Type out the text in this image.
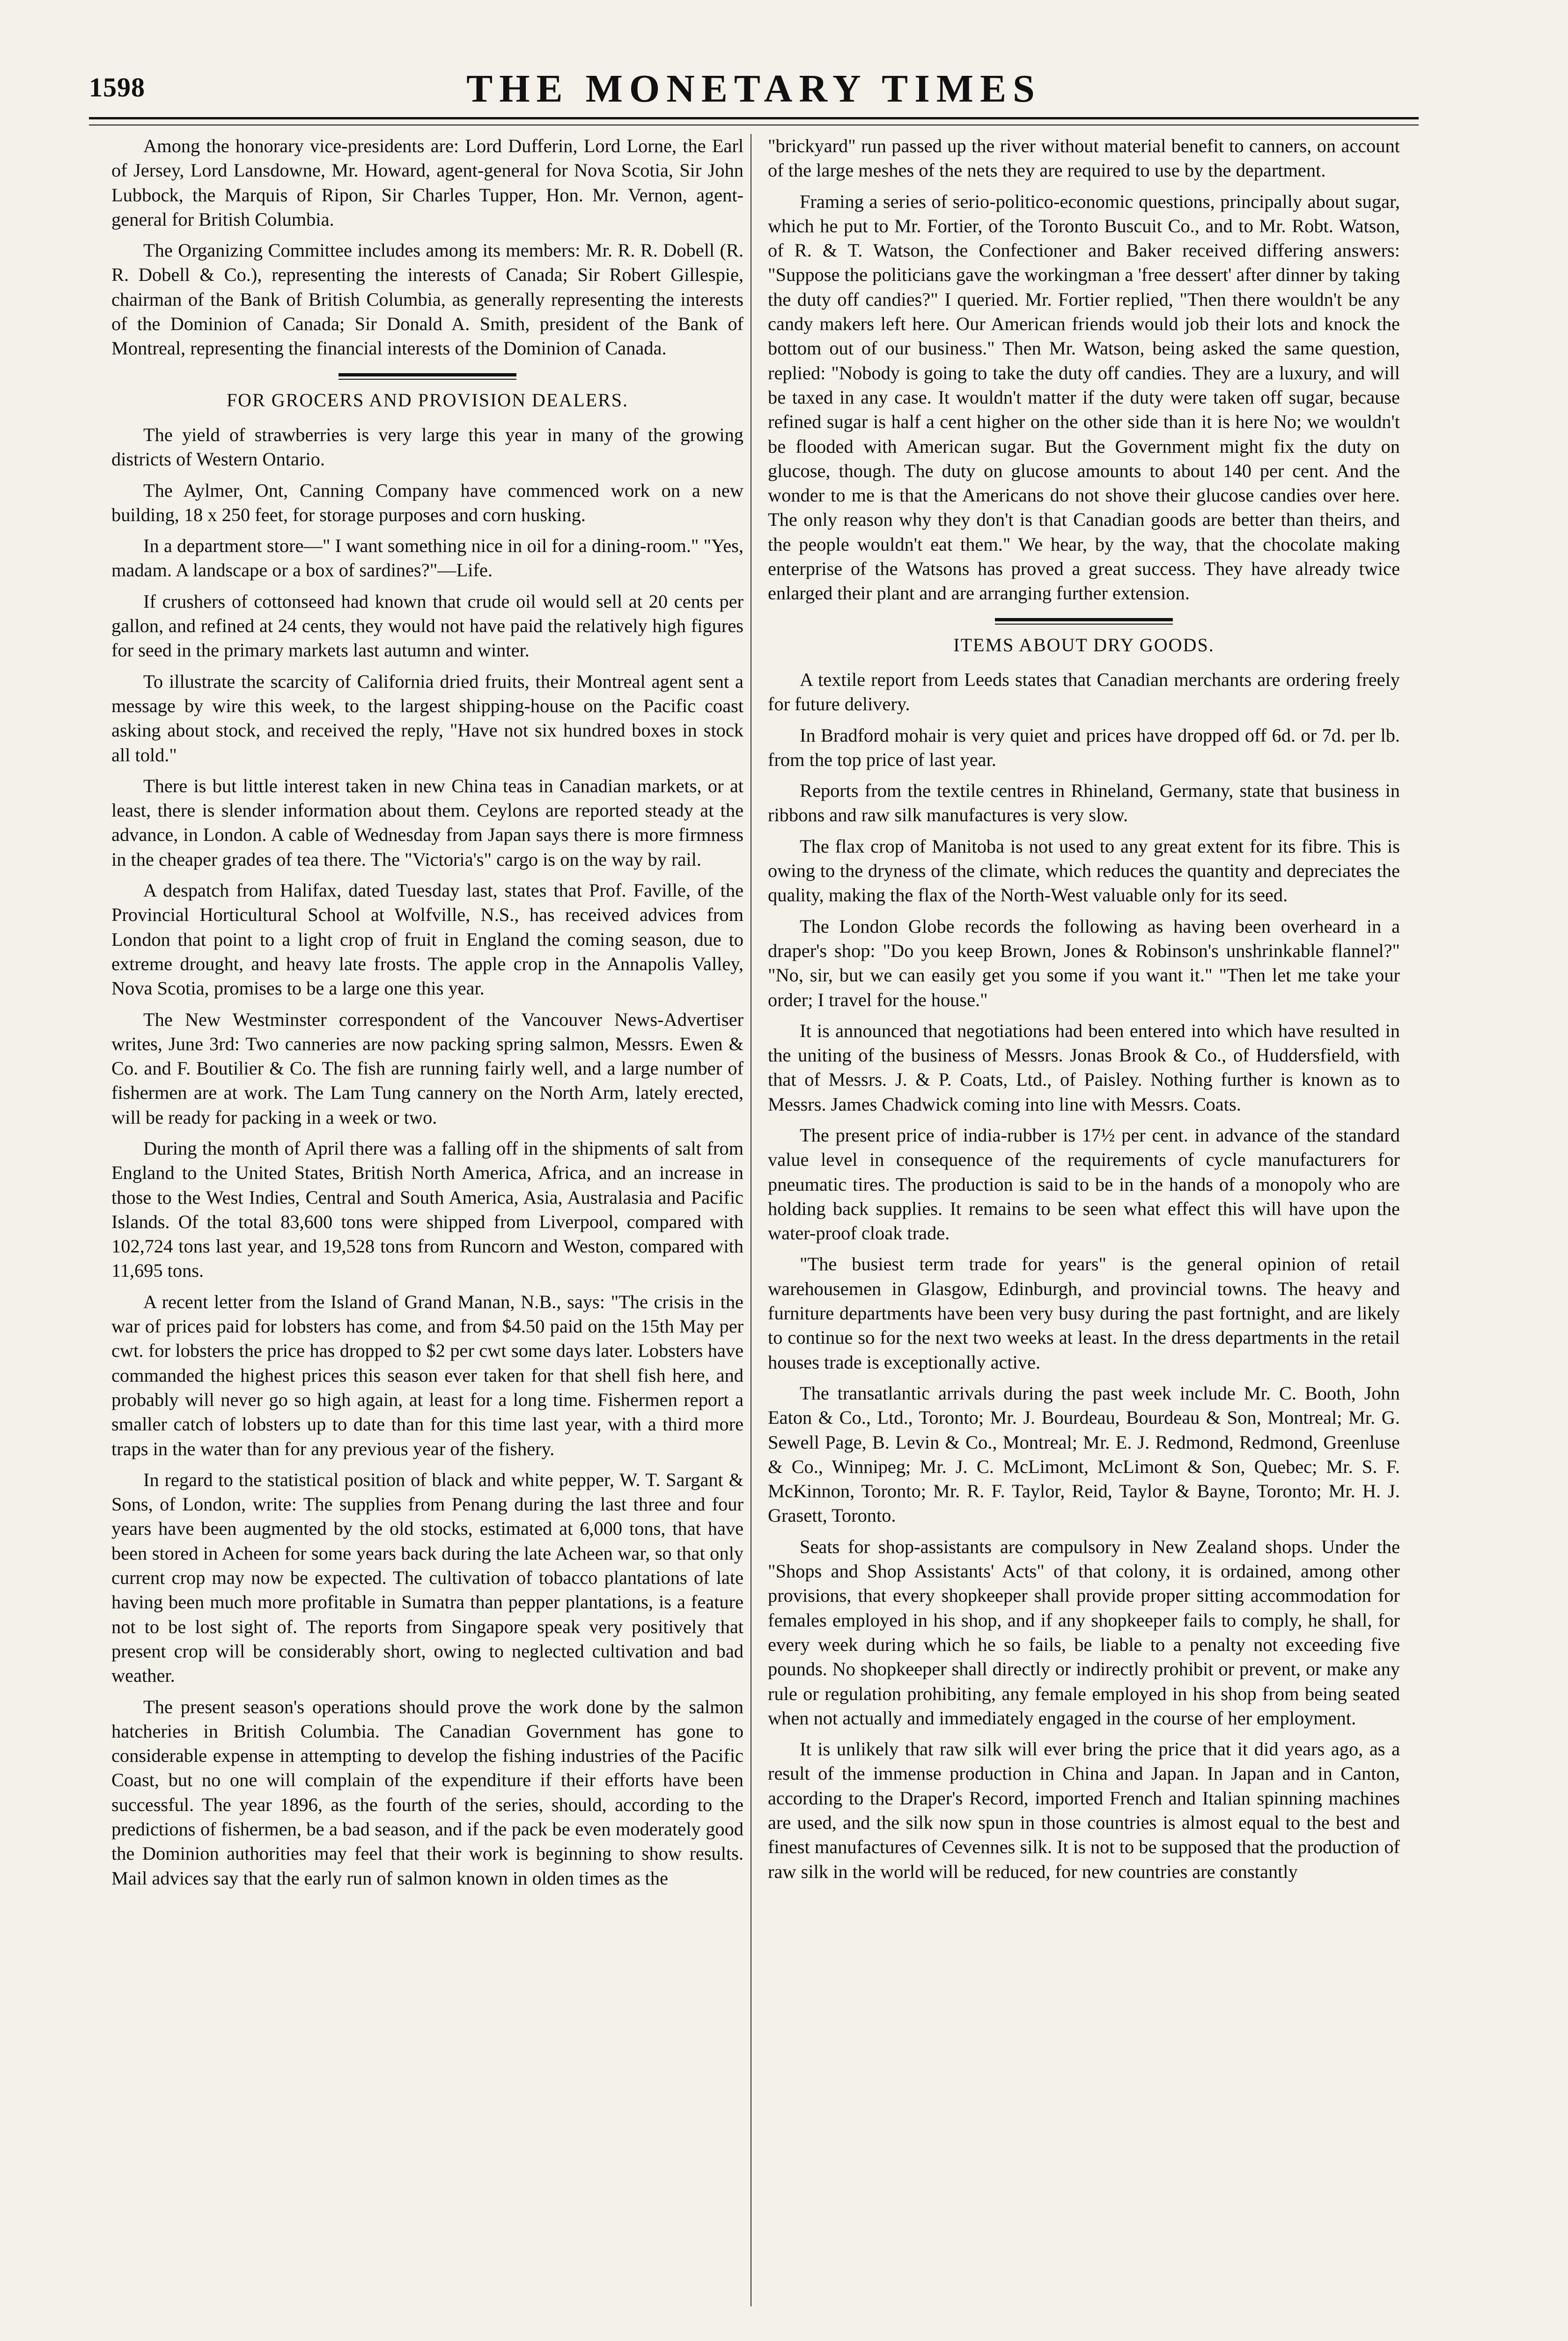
1598	THE MONETARY TIMES

Among the honorary vice-presidents are: Lord Dufferin, Lord Lorne, the Earl of Jersey, Lord Lansdowne, Mr. Howard, agent-general for Nova Scotia, Sir John Lubbock, the Marquis of Ripon, Sir Charles Tupper, Hon. Mr. Vernon, agent-general for British Columbia.

The Organizing Committee includes among its members: Mr. R. R. Dobell (R. R. Dobell & Co.), representing the interests of Canada; Sir Robert Gillespie, chairman of the Bank of British Columbia, as generally representing the interests of the Dominion of Canada; Sir Donald A. Smith, president of the Bank of Montreal, representing the financial interests of the Dominion of Canada.

FOR GROCERS AND PROVISION DEALERS.

The yield of strawberries is very large this year in many of the growing districts of Western Ontario.

The Aylmer, Ont, Canning Company have commenced work on a new building, 18 x 250 feet, for storage purposes and corn husking.

In a department store—" I want something nice in oil for a dining-room." "Yes, madam. A landscape or a box of sardines?"—Life.

If crushers of cottonseed had known that crude oil would sell at 20 cents per gallon, and refined at 24 cents, they would not have paid the relatively high figures for seed in the primary markets last autumn and winter.

To illustrate the scarcity of California dried fruits, their Montreal agent sent a message by wire this week, to the largest shipping-house on the Pacific coast asking about stock, and received the reply, "Have not six hundred boxes in stock all told."

There is but little interest taken in new China teas in Canadian markets, or at least, there is slender information about them. Ceylons are reported steady at the advance, in London. A cable of Wednesday from Japan says there is more firmness in the cheaper grades of tea there. The "Victoria's" cargo is on the way by rail.

A despatch from Halifax, dated Tuesday last, states that Prof. Faville, of the Provincial Horticultural School at Wolfville, N.S., has received advices from London that point to a light crop of fruit in England the coming season, due to extreme drought, and heavy late frosts. The apple crop in the Annapolis Valley, Nova Scotia, promises to be a large one this year.

The New Westminster correspondent of the Vancouver News-Advertiser writes, June 3rd: Two canneries are now packing spring salmon, Messrs. Ewen & Co. and F. Boutilier & Co. The fish are running fairly well, and a large number of fishermen are at work. The Lam Tung cannery on the North Arm, lately erected, will be ready for packing in a week or two.

During the month of April there was a falling off in the shipments of salt from England to the United States, British North America, Africa, and an increase in those to the West Indies, Central and South America, Asia, Australasia and Pacific Islands. Of the total 83,600 tons were shipped from Liverpool, compared with 102,724 tons last year, and 19,528 tons from Runcorn and Weston, compared with 11,695 tons.

A recent letter from the Island of Grand Manan, N.B., says: "The crisis in the war of prices paid for lobsters has come, and from $4.50 paid on the 15th May per cwt. for lobsters the price has dropped to $2 per cwt some days later. Lobsters have commanded the highest prices this season ever taken for that shell fish here, and probably will never go so high again, at least for a long time. Fishermen report a smaller catch of lobsters up to date than for this time last year, with a third more traps in the water than for any previous year of the fishery.

In regard to the statistical position of black and white pepper, W. T. Sargant & Sons, of London, write: The supplies from Penang during the last three and four years have been augmented by the old stocks, estimated at 6,000 tons, that have been stored in Acheen for some years back during the late Acheen war, so that only current crop may now be expected. The cultivation of tobacco plantations of late having been much more profitable in Sumatra than pepper plantations, is a feature not to be lost sight of. The reports from Singapore speak very positively that present crop will be considerably short, owing to neglected cultivation and bad weather.

The present season's operations should prove the work done by the salmon hatcheries in British Columbia. The Canadian Government has gone to considerable expense in attempting to develop the fishing industries of the Pacific Coast, but no one will complain of the expenditure if their efforts have been successful. The year 1896, as the fourth of the series, should, according to the predictions of fishermen, be a bad season, and if the pack be even moderately good the Dominion authorities may feel that their work is beginning to show results. Mail advices say that the early run of salmon known in olden times as the

"brickyard" run passed up the river without material benefit to canners, on account of the large meshes of the nets they are required to use by the department.

Framing a series of serio-politico-economic questions, principally about sugar, which he put to Mr. Fortier, of the Toronto Buscuit Co., and to Mr. Robt. Watson, of R. & T. Watson, the Confectioner and Baker received differing answers: "Suppose the politicians gave the workingman a 'free dessert' after dinner by taking the duty off candies?" I queried. Mr. Fortier replied, "Then there wouldn't be any candy makers left here. Our American friends would job their lots and knock the bottom out of our business." Then Mr. Watson, being asked the same question, replied: "Nobody is going to take the duty off candies. They are a luxury, and will be taxed in any case. It wouldn't matter if the duty were taken off sugar, because refined sugar is half a cent higher on the other side than it is here No; we wouldn't be flooded with American sugar. But the Government might fix the duty on glucose, though. The duty on glucose amounts to about 140 per cent. And the wonder to me is that the Americans do not shove their glucose candies over here. The only reason why they don't is that Canadian goods are better than theirs, and the people wouldn't eat them." We hear, by the way, that the chocolate making enterprise of the Watsons has proved a great success. They have already twice enlarged their plant and are arranging further extension.

ITEMS ABOUT DRY GOODS.

A textile report from Leeds states that Canadian merchants are ordering freely for future delivery.

In Bradford mohair is very quiet and prices have dropped off 6d. or 7d. per lb. from the top price of last year.

Reports from the textile centres in Rhineland, Germany, state that business in ribbons and raw silk manufactures is very slow.

The flax crop of Manitoba is not used to any great extent for its fibre. This is owing to the dryness of the climate, which reduces the quantity and depreciates the quality, making the flax of the North-West valuable only for its seed.

The London Globe records the following as having been overheard in a draper's shop: "Do you keep Brown, Jones & Robinson's unshrinkable flannel?" "No, sir, but we can easily get you some if you want it." "Then let me take your order; I travel for the house."

It is announced that negotiations had been entered into which have resulted in the uniting of the business of Messrs. Jonas Brook & Co., of Huddersfield, with that of Messrs. J. & P. Coats, Ltd., of Paisley. Nothing further is known as to Messrs. James Chadwick coming into line with Messrs. Coats.

The present price of india-rubber is 17½ per cent. in advance of the standard value level in consequence of the requirements of cycle manufacturers for pneumatic tires. The production is said to be in the hands of a monopoly who are holding back supplies. It remains to be seen what effect this will have upon the water-proof cloak trade.

"The busiest term trade for years" is the general opinion of retail warehousemen in Glasgow, Edinburgh, and provincial towns. The heavy and furniture departments have been very busy during the past fortnight, and are likely to continue so for the next two weeks at least. In the dress departments in the retail houses trade is exceptionally active.

The transatlantic arrivals during the past week include Mr. C. Booth, John Eaton & Co., Ltd., Toronto; Mr. J. Bourdeau, Bourdeau & Son, Montreal; Mr. G. Sewell Page, B. Levin & Co., Montreal; Mr. E. J. Redmond, Redmond, Greenluse & Co., Winnipeg; Mr. J. C. McLimont, McLimont & Son, Quebec; Mr. S. F. McKinnon, Toronto; Mr. R. F. Taylor, Reid, Taylor & Bayne, Toronto; Mr. H. J. Grasett, Toronto.

Seats for shop-assistants are compulsory in New Zealand shops. Under the "Shops and Shop Assistants' Acts" of that colony, it is ordained, among other provisions, that every shopkeeper shall provide proper sitting accommodation for females employed in his shop, and if any shopkeeper fails to comply, he shall, for every week during which he so fails, be liable to a penalty not exceeding five pounds. No shopkeeper shall directly or indirectly prohibit or prevent, or make any rule or regulation prohibiting, any female employed in his shop from being seated when not actually and immediately engaged in the course of her employment.

It is unlikely that raw silk will ever bring the price that it did years ago, as a result of the immense production in China and Japan. In Japan and in Canton, according to the Draper's Record, imported French and Italian spinning machines are used, and the silk now spun in those countries is almost equal to the best and finest manufactures of Cevennes silk. It is not to be supposed that the production of raw silk in the world will be reduced, for new countries are constantly
